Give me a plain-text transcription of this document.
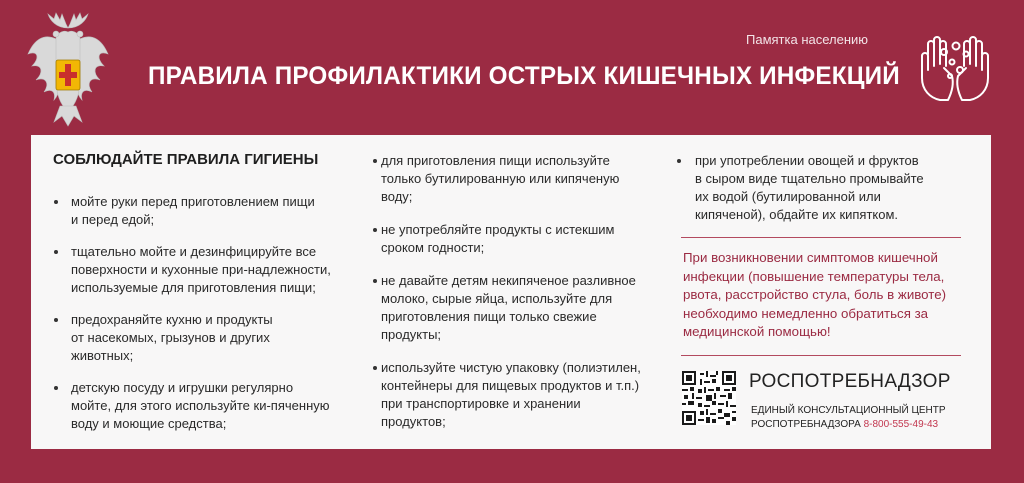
Памятка населению
ПРАВИЛА ПРОФИЛАКТИКИ ОСТРЫХ КИШЕЧНЫХ ИНФЕКЦИЙ
СОБЛЮДАЙТЕ ПРАВИЛА ГИГИЕНЫ
мойте руки перед приготовлением пищи
и перед едой;
тщательно мойте и дезинфицируйте все
поверхности и кухонные при-надлежности,
используемые для приготовления пищи;
предохраняйте кухню и продукты
от насекомых, грызунов и других
животных;
детскую посуду и игрушки регулярно
мойте, для этого используйте ки-пяченную
воду и моющие средства;
для приготовления пищи используйте
только бутилированную или кипяченую
воду;
не употребляйте продукты с истекшим
сроком годности;
не давайте детям некипяченое разливное
молоко, сырые яйца, используйте для
приготовления пищи только свежие
продукты;
используйте чистую упаковку (полиэтилен,
контейнеры для пищевых продуктов и т.п.)
при транспортировке и хранении
продуктов;
при употреблении овощей и фруктов
в сыром виде тщательно промывайте
их водой (бутилированной или
кипяченой), обдайте их кипятком.
При возникновении симптомов кишечной
инфекции (повышение температуры тела,
рвота, расстройство стула, боль в животе)
необходимо немедленно обратиться за
медицинской помощью!
РОСПОТРЕБНАДЗОР
ЕДИНЫЙ КОНСУЛЬТАЦИОННЫЙ ЦЕНТР
РОСПОТРЕБНАДЗОРА 8-800-555-49-43
